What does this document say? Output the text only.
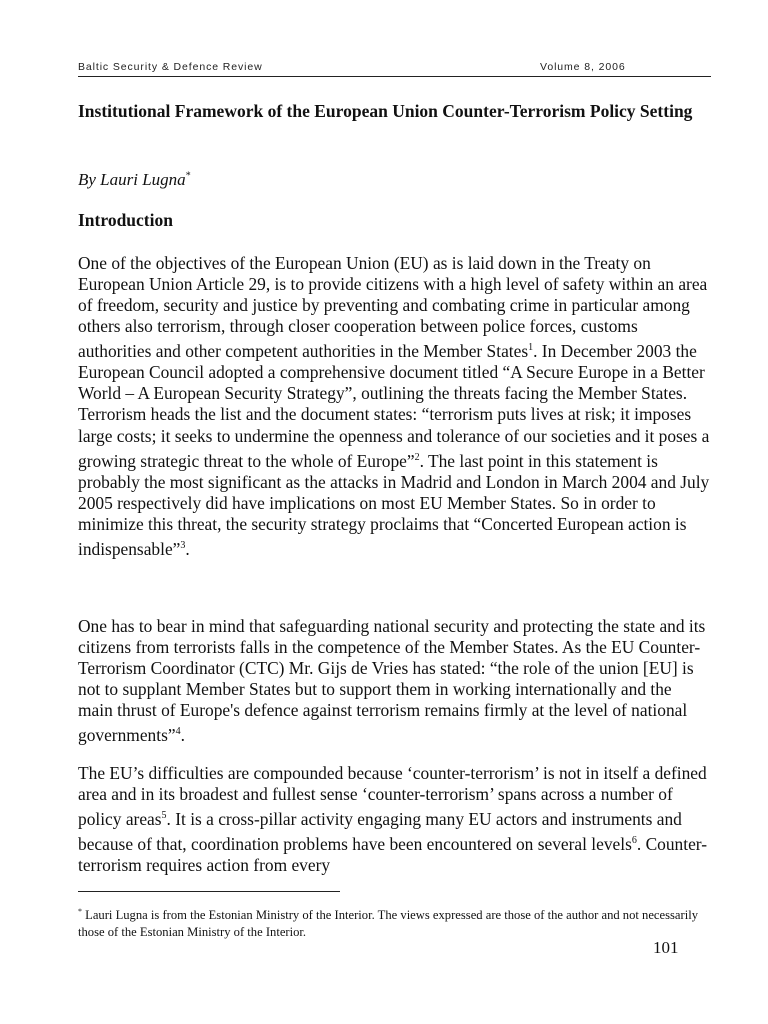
Baltic Security & Defence Review	Volume 8, 2006
Institutional Framework of the European Union Counter-Terrorism Policy Setting

By Lauri Lugna*

Introduction

One of the objectives of the European Union (EU) as is laid down in the Treaty on European Union Article 29, is to provide citizens with a high level of safety within an area of freedom, security and justice by preventing and combating crime in particular among others also terrorism, through closer cooperation between police forces, customs authorities and other competent authorities in the Member States$^1$. In December 2003 the European Council adopted a comprehensive document titled “A Secure Europe in a Better World – A European Security Strategy”, outlining the threats facing the Member States. Terrorism heads the list and the document states: “terrorism puts lives at risk; it imposes large costs; it seeks to undermine the openness and tolerance of our societies and it poses a growing strategic threat to the whole of Europe”$^2$. The last point in this statement is probably the most significant as the attacks in Madrid and London in March 2004 and July 2005 respectively did have implications on most EU Member States. So in order to minimize this threat, the security strategy proclaims that “Concerted European action is indispensable”$^3$.

One has to bear in mind that safeguarding national security and protecting the state and its citizens from terrorists falls in the competence of the Member States. As the EU Counter-Terrorism Coordinator (CTC) Mr. Gijs de Vries has stated: “the role of the union [EU] is not to supplant Member States but to support them in working internationally and the main thrust of Europe's defence against terrorism remains firmly at the level of national governments”$^4$.

The EU’s difficulties are compounded because ‘counter-terrorism’ is not in itself a defined area and in its broadest and fullest sense ‘counter-terrorism’ spans across a number of policy areas$^5$. It is a cross-pillar activity engaging many EU actors and instruments and because of that, coordination problems have been encountered on several levels$^6$. Counter-terrorism requires action from every

* Lauri Lugna is from the Estonian Ministry of the Interior. The views expressed are those of the author and not necessarily those of the Estonian Ministry of the Interior.

101
